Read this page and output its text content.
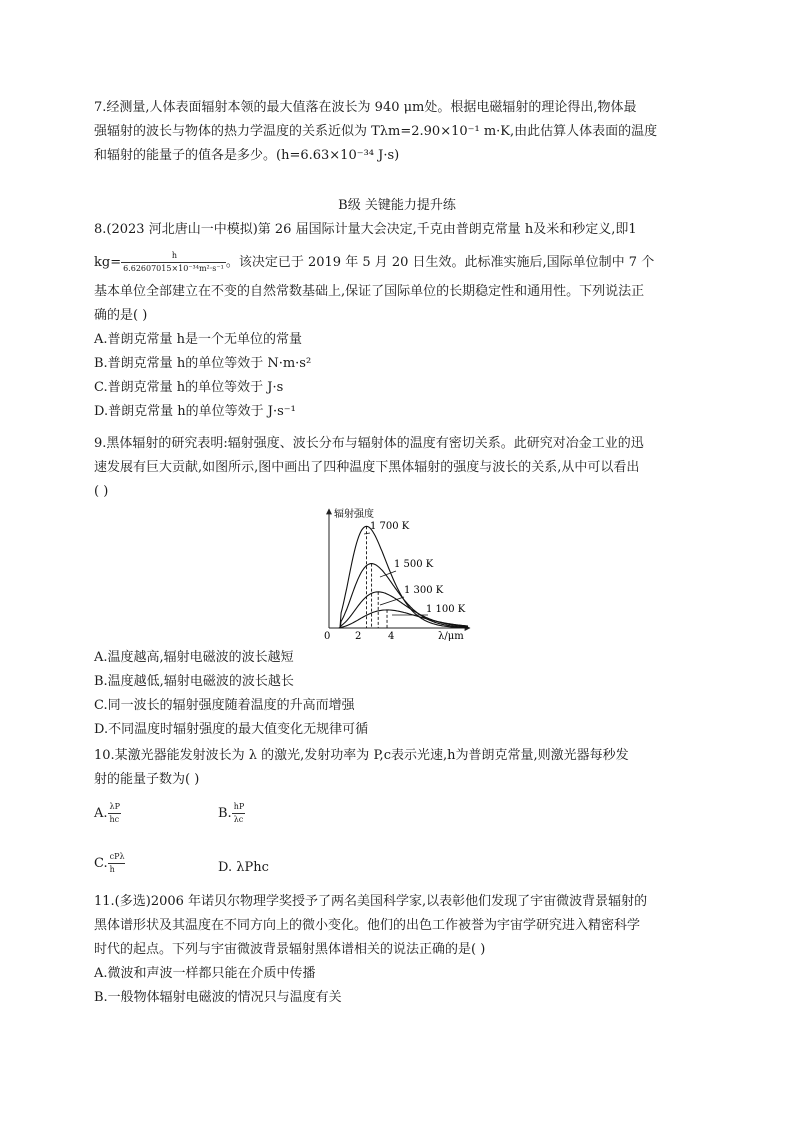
7.经测量,人体表面辐射本领的最大值落在波长为 940 μm处。根据电磁辐射的理论得出,物体最
强辐射的波长与物体的热力学温度的关系近似为 Tλm=2.90×10⁻¹ m·K,由此估算人体表面的温度
和辐射的能量子的值各是多少。(h=6.63×10⁻³⁴ J·s)
B级 关键能力提升练
8.(2023 河北唐山一中模拟)第 26 届国际计量大会决定,千克由普朗克常量 h及米和秒定义,即1
$kg= \frac{h}{\text{6.62607015×10⁻³⁴m²·s⁻¹}}$ 。该决定已于 2019 年 5 月 20 日生效。此标准实施后,国际单位制中 7 个
基本单位全部建立在不变的自然常数基础上,保证了国际单位的长期稳定性和通用性。下列说法正
确的是( )
A.普朗克常量 h是一个无单位的常量
B.普朗克常量 h的单位等效于 N·m·s²
C.普朗克常量 h的单位等效于 J·s
D.普朗克常量 h的单位等效于 J·s⁻¹
9.黑体辐射的研究表明:辐射强度、波长分布与辐射体的温度有密切关系。此研究对冶金工业的迅
速发展有巨大贡献,如图所示,图中画出了四种温度下黑体辐射的强度与波长的关系,从中可以看出
( )
辐射强度
λ/μm
0 2	4
1 700 K
1 500 K
1 300 K
1 100 K
A.温度越高,辐射电磁波的波长越短
B.温度越低,辐射电磁波的波长越长
C.同一波长的辐射强度随着温度的升高而增强
D.不同温度时辐射强度的最大值变化无规律可循
10.某激光器能发射波长为 λ 的激光,发射功率为 P,c表示光速,h为普朗克常量,则激光器每秒发
射的能量子数为( )
A. $\frac{\lambda P}{hc}$	B. $\frac{hP}{\lambda c}$
C. $\frac{\text{cPλ}}{h}$	D. λPhc
11.(多选)2006 年诺贝尔物理学奖授予了两名美国科学家,以表彰他们发现了宇宙微波背景辐射的
黑体谱形状及其温度在不同方向上的微小变化。他们的出色工作被誉为宇宙学研究进入精密科学
时代的起点。下列与宇宙微波背景辐射黑体谱相关的说法正确的是( )
A.微波和声波一样都只能在介质中传播
B.一般物体辐射电磁波的情况只与温度有关
